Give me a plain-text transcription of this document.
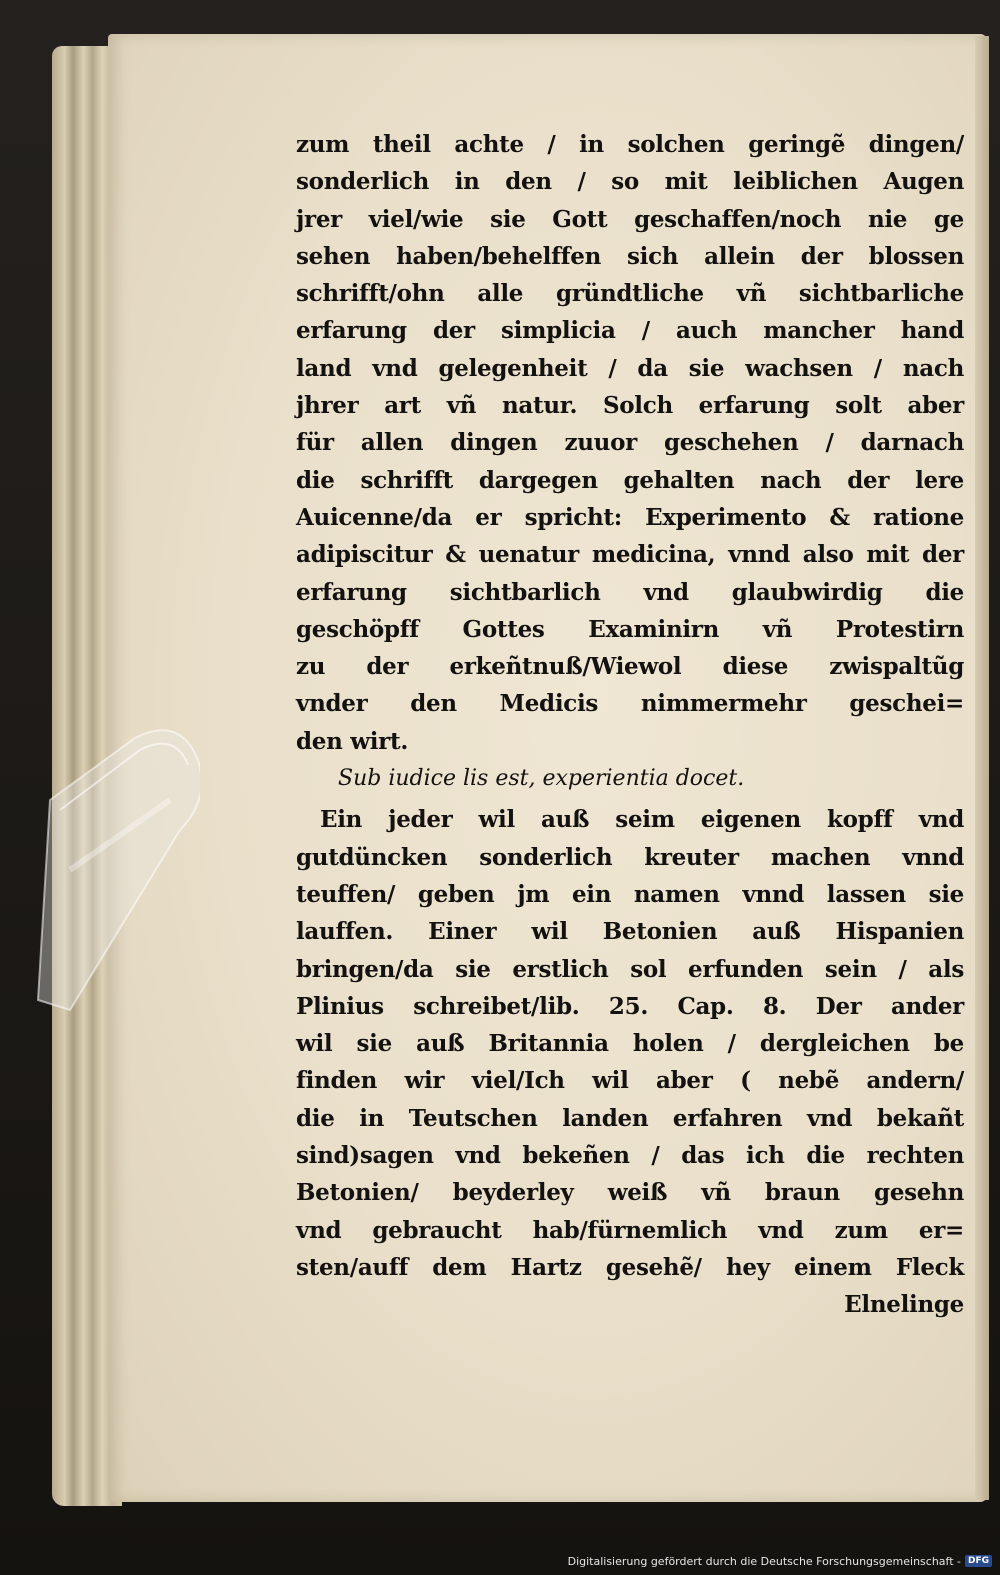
zum theil achte / in solchen geringẽ dingen/
sonderlich in den / so mit leiblichen Augen
jrer viel/wie sie Gott geschaffen/noch nie ge
sehen haben/behelffen sich allein der blossen
schrifft/ohn alle gründtliche vñ sichtbarliche
erfarung der simplicia / auch mancher hand
land vnd gelegenheit / da sie wachsen / nach
jhrer art vñ natur. Solch erfarung solt aber
für allen dingen zuuor geschehen / darnach
die schrifft dargegen gehalten nach der lere
Auicenne/da er spricht: Experimento & ratione
adipiscitur & uenatur medicina, vnnd also mit der
erfarung sichtbarlich vnd glaubwirdig die
geschöpff Gottes Examinirn vñ Protestirn
zu der erkeñtnuß/Wiewol diese zwispaltũg
vnder den Medicis nimmermehr geschei=
den wirt.
Sub iudice lis est, experientia docet.
Ein jeder wil auß seim eigenen kopff vnd
gutdüncken sonderlich kreuter machen vnnd
teuffen/ geben jm ein namen vnnd lassen sie
lauffen. Einer wil Betonien auß Hispanien
bringen/da sie erstlich sol erfunden sein / als
Plinius schreibet/lib. 25. Cap. 8. Der ander
wil sie auß Britannia holen / dergleichen be
finden wir viel/Ich wil aber ( nebẽ andern/
die in Teutschen landen erfahren vnd bekañt
sind)sagen vnd bekeñen / das ich die rechten
Betonien/ beyderley weiß vñ braun gesehn
vnd gebraucht hab/fürnemlich vnd zum er=
sten/auff dem Hartz gesehẽ/ hey einem Fleck
Elnelinge
Digitalisierung gefördert durch die Deutsche Forschungsgemeinschaft - DFG
